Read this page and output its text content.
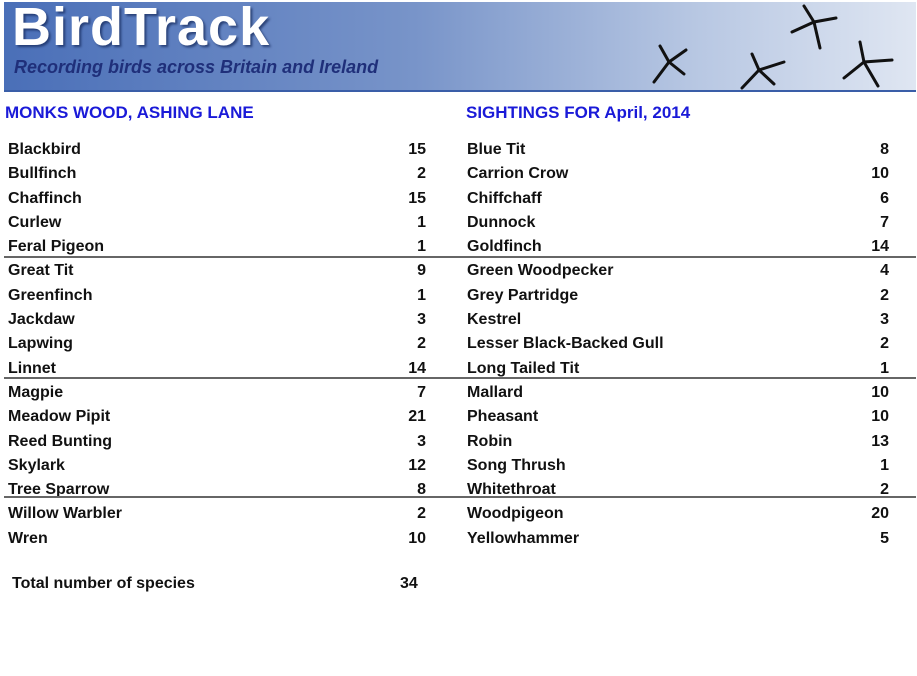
BirdTrack
Recording birds across Britain and Ireland
MONKS WOOD, ASHING LANE	SIGHTINGS FOR April, 2014
Blackbird	15
Bullfinch	2
Chaffinch	15
Curlew	1
Feral Pigeon	1
Great Tit	9
Greenfinch	1
Jackdaw	3
Lapwing	2
Linnet	14
Magpie	7
Meadow Pipit	21
Reed Bunting	3
Skylark	12
Tree Sparrow	8
Willow Warbler	2
Wren	10
Blue Tit	8
Carrion Crow	10
Chiffchaff	6
Dunnock	7
Goldfinch	14
Green Woodpecker	4
Grey Partridge	2
Kestrel	3
Lesser Black-Backed Gull	2
Long Tailed Tit	1
Mallard	10
Pheasant	10
Robin	13
Song Thrush	1
Whitethroat	2
Woodpigeon	20
Yellowhammer	5
Total number of species	34
